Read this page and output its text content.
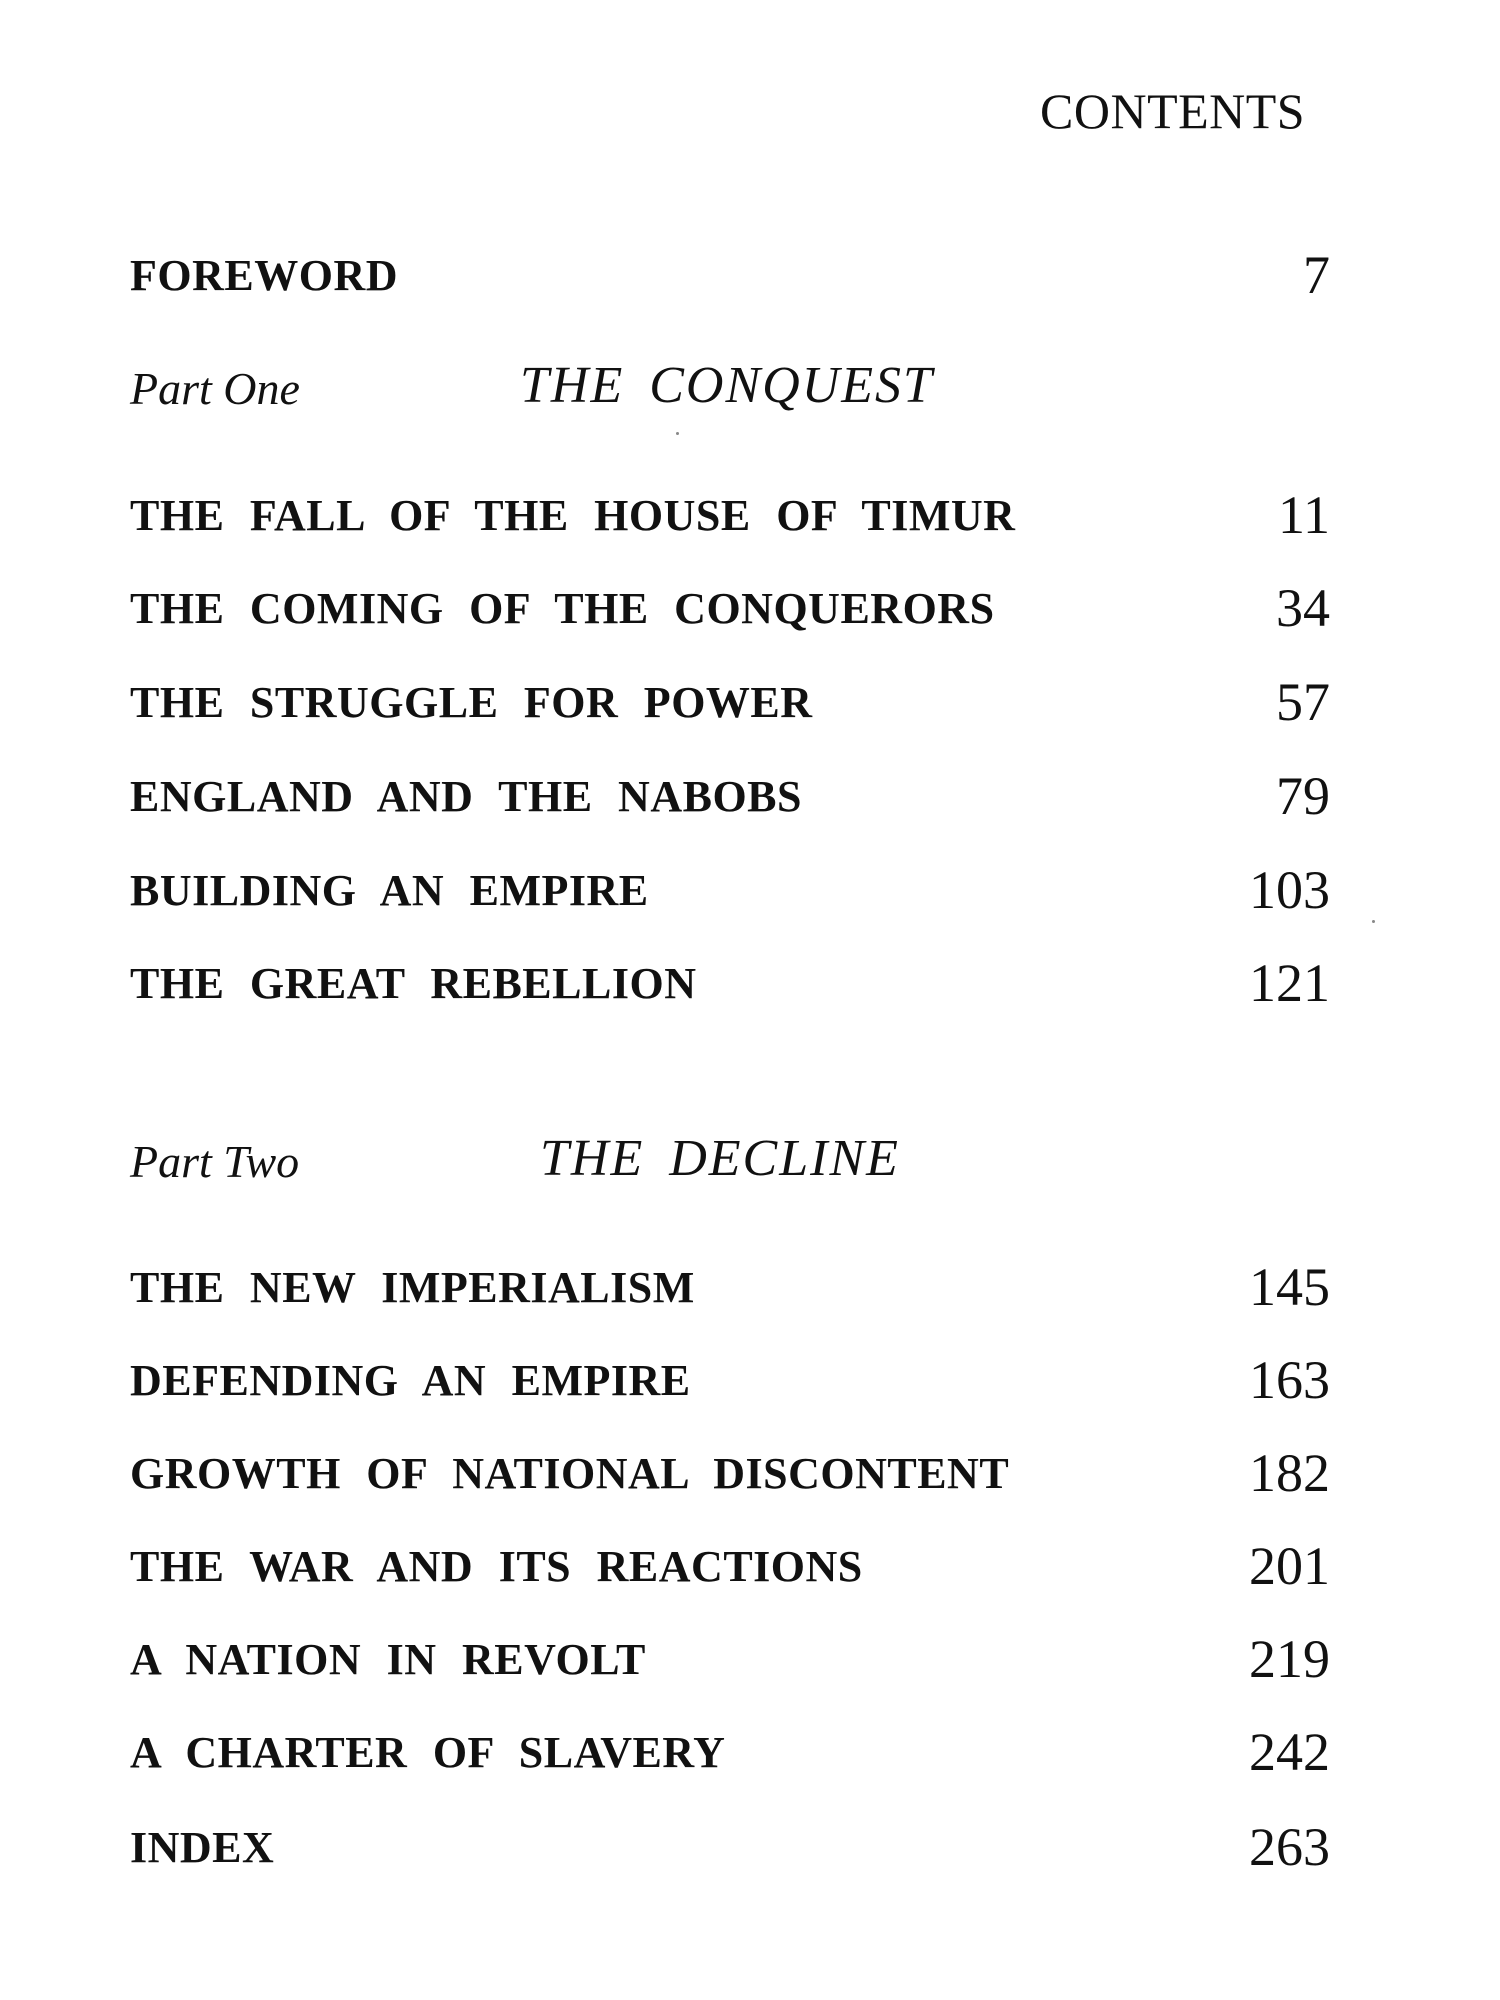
CONTENTS
FOREWORD	7
Part One	THE CONQUEST
THE FALL OF THE HOUSE OF TIMUR	11
THE COMING OF THE CONQUERORS	34
THE STRUGGLE FOR POWER	57
ENGLAND AND THE NABOBS	79
BUILDING AN EMPIRE	103
THE GREAT REBELLION	121
Part Two	THE DECLINE
THE NEW IMPERIALISM	145
DEFENDING AN EMPIRE	163
GROWTH OF NATIONAL DISCONTENT	182
THE WAR AND ITS REACTIONS	201
A NATION IN REVOLT	219
A CHARTER OF SLAVERY	242
INDEX	263
